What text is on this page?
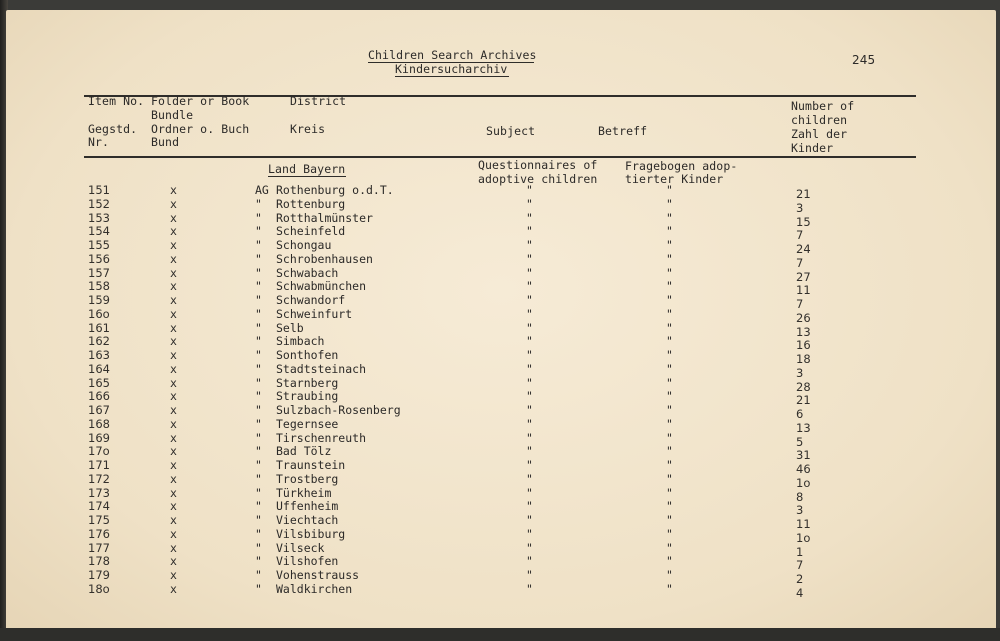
Children Search Archives
Kindersucharchiv
245
Item No.
Gegstd.
Nr.
Folder or Book
Bundle
Ordner o. Buch
Bund
District
Kreis	Subject	Betreff
Number of
children
Zahl der
Kinder
Land Bayern	Questionnaires of
adoptive children
Fragebogen adop-
tierter Kinder
151	x	AG Rothenburg o.d.T.	"	"	21
152	x	" Rottenburg	"	"	3
153	x	" Rotthalmünster	"	"	15
154	x	" Scheinfeld	"	"	7
155	x	" Schongau	"	"	24
156	x	" Schrobenhausen	"	"	7
157	x	" Schwabach	"	"	27
158	x	" Schwabmünchen	"	"	11
159	x	" Schwandorf	"	"	7
16o	x	" Schweinfurt	"	"	26
161	x	" Selb	"	"	13
162	x	" Simbach	"	"	16
163	x	" Sonthofen	"	"	18
164	x	" Stadtsteinach	"	"	3
165	x	" Starnberg	"	"	28
166	x	" Straubing	"	"	21
167	x	" Sulzbach-Rosenberg	"	"	6
168	x	" Tegernsee	"	"	13
169	x	" Tirschenreuth	"	"	5
17o	x	" Bad Tölz	"	"	31
171	x	" Traunstein	"	"	46
172	x	" Trostberg	"	"	1o
173	x	" Türkheim	"	"	8
174	x	" Uffenheim	"	"	3
175	x	" Viechtach	"	"	11
176	x	" Vilsbiburg	"	"	1o
177	x	" Vilseck	"	"	1
178	x	" Vilshofen	"	"	7
179	x	" Vohenstrauss	"	"	2
18o	x	" Waldkirchen	"	"	4
